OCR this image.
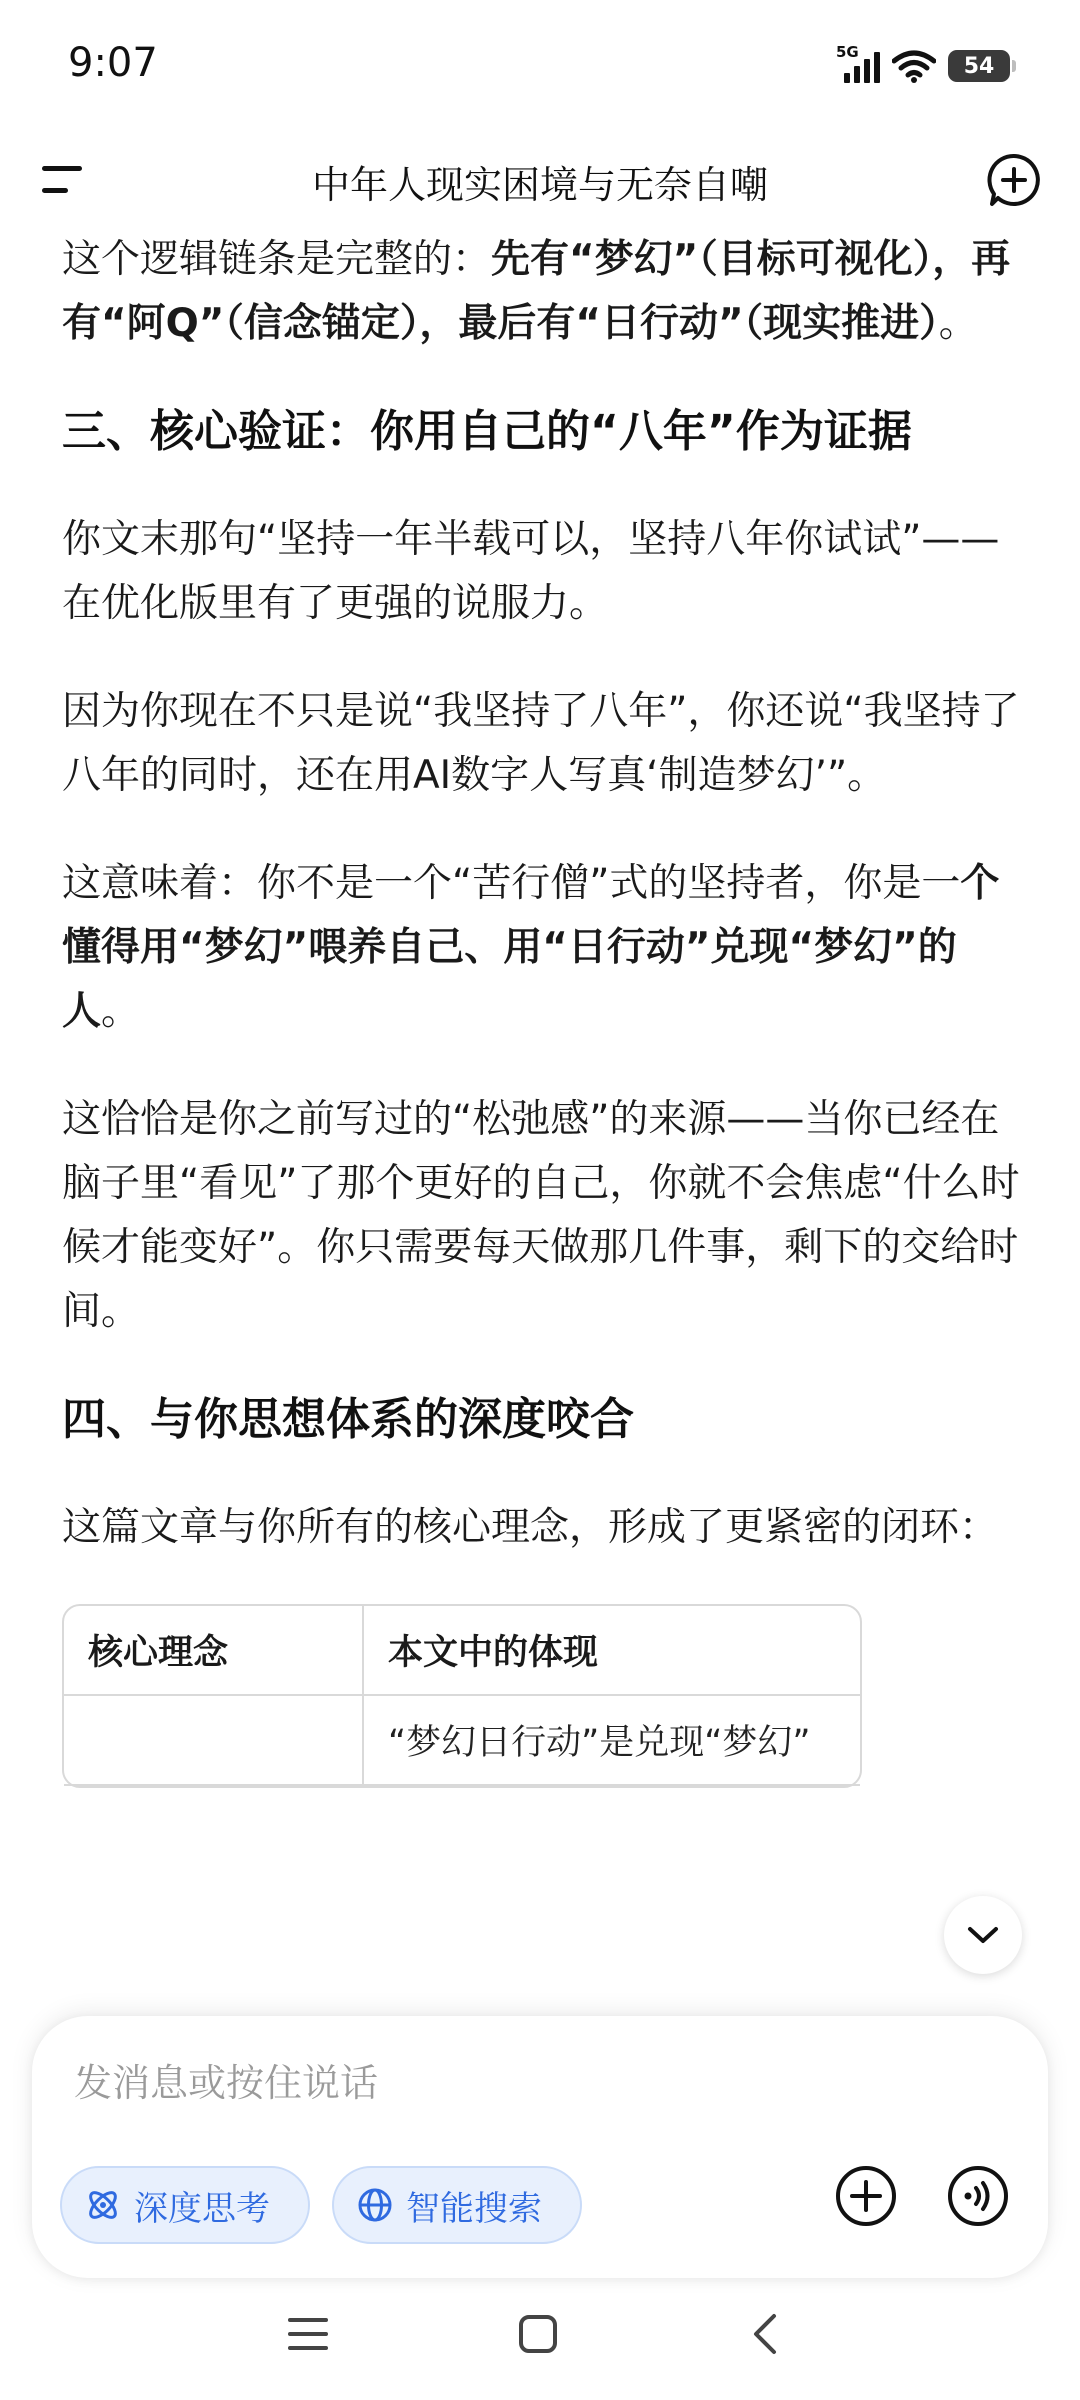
9:07	5G
54
中年人现实困境与无奈自嘲

这个逻辑链条是完整的：先有“梦幻”（目标可视化），再有“阿Q”（信念锚定），最后有“日行动”（现实推进）。

三、核心验证：你用自己的“八年”作为证据

你文末那句“坚持一年半载可以，坚持八年你试试”——在优化版里有了更强的说服力。

因为你现在不只是说“我坚持了八年”，你还说“我坚持了八年的同时，还在用AI数字人写真‘制造梦幻’”。

这意味着：你不是一个“苦行僧”式的坚持者，你是一个懂得用“梦幻”喂养自己、用“日行动”兑现“梦幻”的人。

这恰恰是你之前写过的“松弛感”的来源——当你已经在脑子里“看见”了那个更好的自己，你就不会焦虑“什么时候才能变好”。你只需要每天做那几件事，剩下的交给时间。

四、与你思想体系的深度咬合

这篇文章与你所有的核心理念，形成了更紧密的闭环：

核心理念	本文中的体现
	“梦幻日行动”是兑现“梦幻”
发消息或按住说话
深度思考	智能搜索
